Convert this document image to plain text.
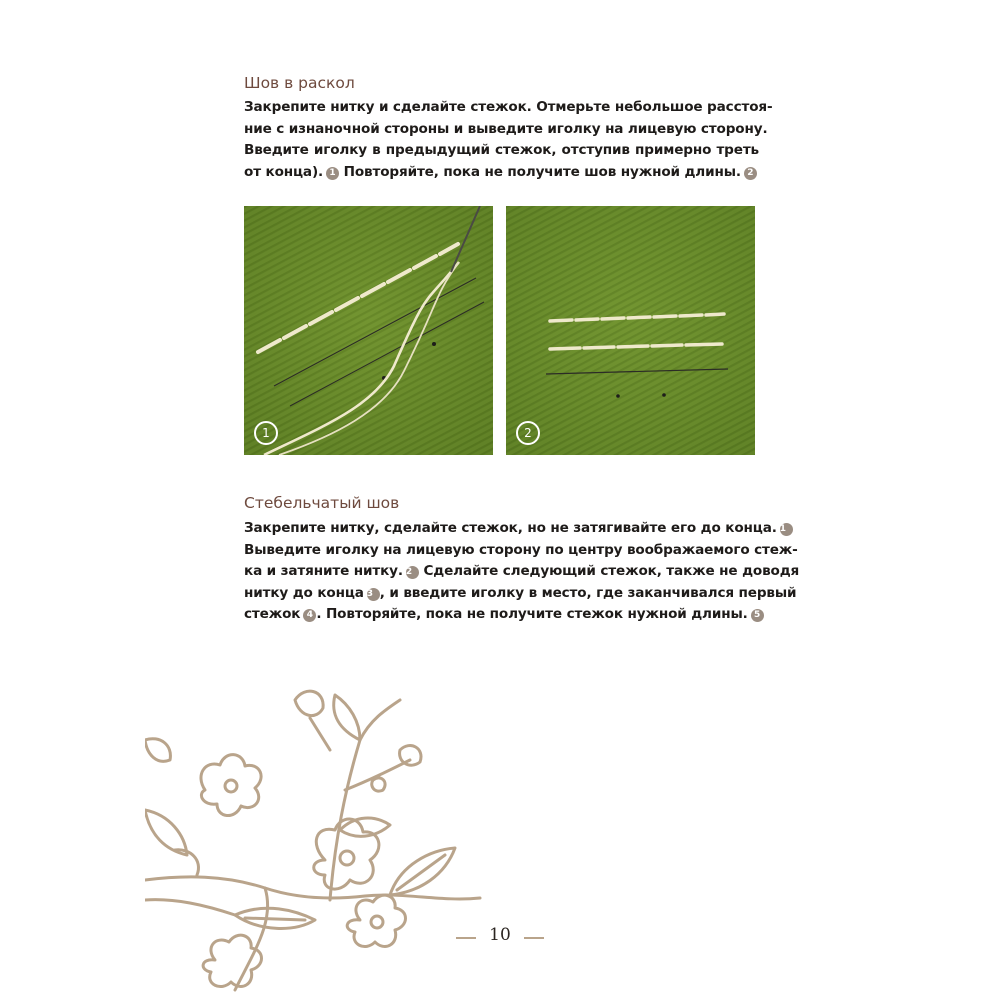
Шов в раскол
Закрепите нитку и сделайте стежок. Отмерьте небольшое расстоя-
ние с изнаночной стороны и выведите иголку на лицевую сторону.
Введите иголку в предыдущий стежок, отступив примерно треть
от конца). 1 Повторяйте, пока не получите шов нужной длины. 2
1	2
Стебельчатый шов
Закрепите нитку, сделайте стежок, но не затягивайте его до конца. 1
Выведите иголку на лицевую сторону по центру воображаемого стеж-
ка и затяните нитку. 2 Сделайте следующий стежок, также не доводя
нитку до конца 3 , и введите иголку в место, где заканчивался первый
стежок 4 . Повторяйте, пока не получите стежок нужной длины. 5
10
